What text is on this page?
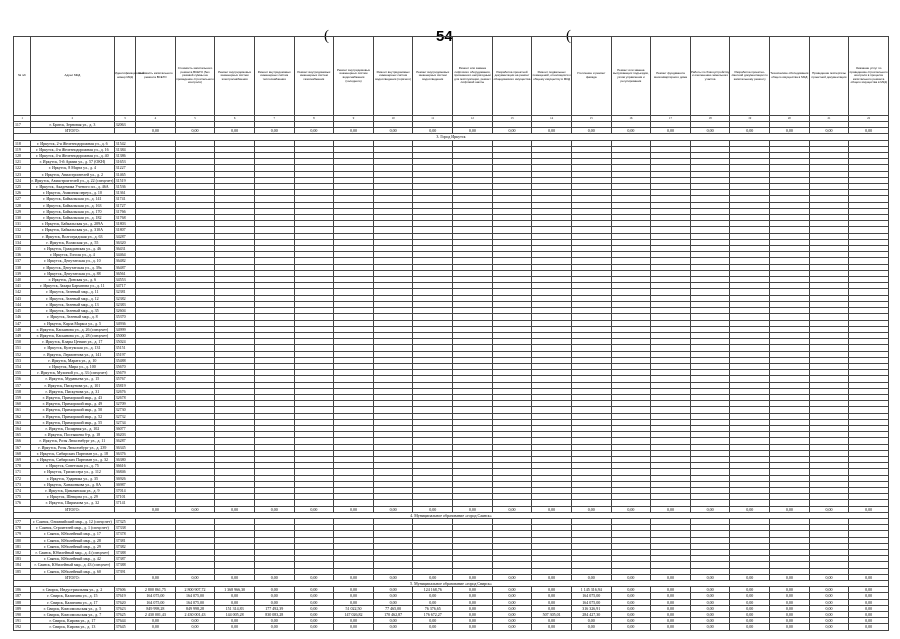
(	54	(
№ п/п	Адрес МКД	Идентификационный номер МКД	Стоимость капитального ремонта ВСЕГО	Стоимость капитального ремонта ВСЕГО (без разовой суммы на проведение строительного контроля)	Ремонт внутридомовых инженерных систем электроснабжения	Ремонт внутридомовых инженерных систем теплоснабжения	Ремонт внутридомовых инженерных систем газоснабжения	Ремонт внутридомовых инженерных систем водоснабжения (холодного)	Ремонт внутридомовых инженерных систем водоотведения (горячего)	Ремонт внутридомовых инженерных систем водоотведения	Ремонт или замена лифтового оборудования, признанного непригодным для эксплуатации, ремонт лифтовой шахты	Разработка проектной документации на ремонт общедомового имущества	Ремонт подвальных помещений, относящихся к общему имуществу в МКД	Утепление и ремонт фасада	Ремонт или замена выпускающих подъездов, узлов управления и регулирования	Ремонт фундамента многоквартирного дома	Работы по благоустройству и озеленению земельного участка	Разработка проектно-сметной документации по капитальному ремонту	Технические обследования общего имущества в МКД	Проведение экспертизы проектной документации	Оказание услуг по проведению строительного контроля в процессе капитального ремонта общего имущества в МКД
1	2	3	4	5	6	7	8	9	10	11	12	13	14	15	16	17	18	19	20	21	22
117	г. Братск, Зерновая ул., д. 3	32063																			
	ИТОГО:		0,00	0,00	0,00	0,00	0,00	0,00	0,00	0,00	0,00	0,00	0,00	0,00	0,00	0,00	0,00	0,00	0,00	0,00	0,00
3. Город Иркутск																					
118	г. Иркутск, 2-я Железнодорожная ул., д. 6	31542																			
119	г. Иркутск, 4-я Железнодорожная ул., д. 16	31384																			
120	г. Иркутск, 4-я Железнодорожная ул., д. 40	31386																			
121	г. Иркутск, 5-й Армии ул., д. 57 (ОКН)	31653																			
122	г. Иркутск, 8 Марта ул., д. 4	31227																			
123	г. Иркутск, Авиастроителей ул., д. 2	31465																			
124	г. Иркутск, Авиастроителей ул., д. 22 (спецсчет)	31519																			
125	г. Иркутск, Академика Ученого пл., д. 46А	31536																			
126	г. Иркутск, Аммония переул., д. 10	31361																			
127	г. Иркутск, Байкальская ул., д. 141	31741																			
128	г. Иркутск, Байкальская ул., д. 163	31727																			
129	г. Иркутск, Байкальская ул., д. 170	31766																			
130	г. Иркутск, Байкальская ул., д. 182	31768																			
131	г. Иркутск, Байкальская ул., д. 209А	31803																			
132	г. Иркутск, Байкальская ул., д. 310А	31807																			
133	г. Иркутск, Волгоградская ул., д. 63	34287																			
134	г. Иркутск, Волжская ул., д. 55	36320																			
135	г. Иркутск, Гражданская ул., д. 46	36431																			
136	г. Иркутск, Гоголя ул., д. 4	34464																			
137	г. Иркутск, Депутатская ул., д. 10	36482																			
138	г. Иркутск, Депутатская ул., д. 39а	36487																			
139	г. Иркутск, Депутатская ул., д. 88	36561																			
140	г. Иркутск, Донская ул., д. 6	34553																			
141	г. Иркутск, Захара Бархатова ул., д. 11	34717																			
142	г. Иркутск, Зеленый мкр., д. 11	32381																			
143	г. Иркутск, Зеленый мкр., д. 12	32382																			
144	г. Иркутск, Зеленый мкр., д. 13	32383																			
145	г. Иркутск, Зеленый мкр., д. 35	32604																			
146	г. Иркутск, Зеленый мкр., д. 8	35370																			
147	г. Иркутск, Карла Маркса ул., д. 5	34936																			
148	г. Иркутск, Касьянова ул., д. 26 (спецсчет)	34999																			
149	г. Иркутск, Касьянова ул., д. 28 (спецсчет)	35000																			
150	г. Иркутск, Клары Цеткин ул., д. 17	35024																			
151	г. Иркутск, Култукская ул., д. 131	35151																			
152	г. Иркутск, Лермонтова ул., д. 141	35197																			
153	г. Иркутск, Марата ул., д. 10	35488																			
154	г. Иркутск, Мира ул., д. 100	35670																			
155	г. Иркутск, Мухиной ул., д. 33 (спецсчет)	35679																			
156	г. Иркутск, Муравьева ул., д. 15	35767																			
157	г. Иркутск, Пискунова ул., д. 101	35819																			
158	г. Иркутск, Пискунова ул., д. 31	32676																			
159	г. Иркутск, Приморский мкр., д. 43	32678																			
160	г. Иркутск, Приморский мкр., д. 49	32709																			
161	г. Иркутск, Приморский мкр., д. 50	32730																			
162	г. Иркутск, Приморский мкр., д. 52	32732																			
163	г. Иркутск, Приморский мкр., д. 55	32734																			
164	г. Иркутск, Полярная ул., д. 102	36077																			
165	г. Иркутск, Постышева б-р, д. 18	36203																			
166	г. Иркутск, Розы Люксембург ул., д. 11	36287																			
167	г. Иркутск, Розы Люксембург ул., д. 239	36345																			
168	г. Иркутск, Сибирских Партизан ул., д. 18	36376																			
169	г. Иркутск, Сибирских Партизан ул., д. 32	36380																			
170	г. Иркутск, Советская ул., д. 75	36616																			
171	г. Иркутск, Трилиссера ул., д. 112	36846																			
172	г. Иркутск, Ударника ул., д. 35	36926																			
173	г. Иркутск, Ханжонкова ул., д. 8А	36987																			
174	г. Иркутск, Цимлянская ул., д. 9	37014																			
175	г. Иркутск, Шевцова ул., д. 29	37101																			
176	г. Иркутск, Ширямова ул., д. 32	37141																			
	ИТОГО:		0,00	0,00	0,00	0,00	0,00	0,00	0,00	0,00	0,00	0,00	0,00	0,00	0,00	0,00	0,00	0,00	0,00	0,00	0,00
4. Муниципальное образование «город Саянск»																					
177	г. Саянск, Олимпийский мкр., д. 12 (спецсчет)	37325																			
178	г. Саянск, Строителей мкр., д. 1 (спецсчет)	37338																			
179	г. Саянск, Юбилейный мкр., д. 17	37378																			
180	г. Саянск, Юбилейный мкр., д. 28	37381																			
181	г. Саянск, Юбилейный мкр., д. 29	37382																			
182	г. Саянск, Юбилейный мкр., д. 4 (спецсчет)	37388																			
183	г. Саянск, Юбилейный мкр., д. 42	37387																			
184	г. Саянск, Юбилейный мкр., д. 43 (спецсчет)	37388																			
185	г. Саянск, Юбилейный мкр., д. 60	37391																			
	ИТОГО:		0,00	0,00	0,00	0,00	0,00	0,00	0,00	0,00	0,00	0,00	0,00	0,00	0,00	0,00	0,00	0,00	0,00	0,00	0,00
5. Муниципальное образование «город Свирск»																					
186	г. Свирск, Индустриальная ул., д. 2	37606	2 800 861,75	2 800 907,72	1 368 966,30	0,00	0,00	0,00	0,00	124 168,76	0,00	0,00	0,00	1 145 316,94	0,00	0,00	0,00	0,00	0,00	0,00	0,00
187	г. Свирск, Калинина ул., д. 15	37619	164 075,00	164 075,00	0,00	0,00	0,00	0,00	0,00	0,00	0,00	0,00	0,00	164 075,00	0,00	0,00	0,00	0,00	0,00	0,00	0,00
188	г. Свирск, Калинина ул., д. 17	37620	164 075,00	164 075,00	0,00	0,00	0,00	0,00	0,00	0,00	0,00	0,00	0,00	164 075,00	0,00	0,00	0,00	0,00	0,00	0,00	0,00
189	г. Свирск, Комсомольская ул., д. 5	37623	849 998,28	849 998,28	151 314,83	177 492,39	0,00	51 022,50	77 465,00	76 376,65	0,00	0,00	0,00	316 326,91	0,00	0,00	0,00	0,00	0,00	0,00	0,00
190	г. Свирск, Комсомольская ул., д. 7	37625	2 430 001,43	2 430 001,43	144 005,28	830 083,28	0,00	147 026,82	170 462,87	176 672,27	0,00	0,00	507 305,01	284 427,30	0,00	0,00	0,00	0,00	0,00	0,00	0,00
191	г. Свирск, Кирова ул., д. 17	37644	0,00	0,00	0,00	0,00	0,00	0,00	0,00	0,00	0,00	0,00	0,00	0,00	0,00	0,00	0,00	0,00	0,00	0,00	0,00
192	г. Свирск, Кирова ул., д. 13	37645	0,00	0,00	0,00	0,00	0,00	0,00	0,00	0,00	0,00	0,00	0,00	0,00	0,00	0,00	0,00	0,00	0,00	0,00	0,00
